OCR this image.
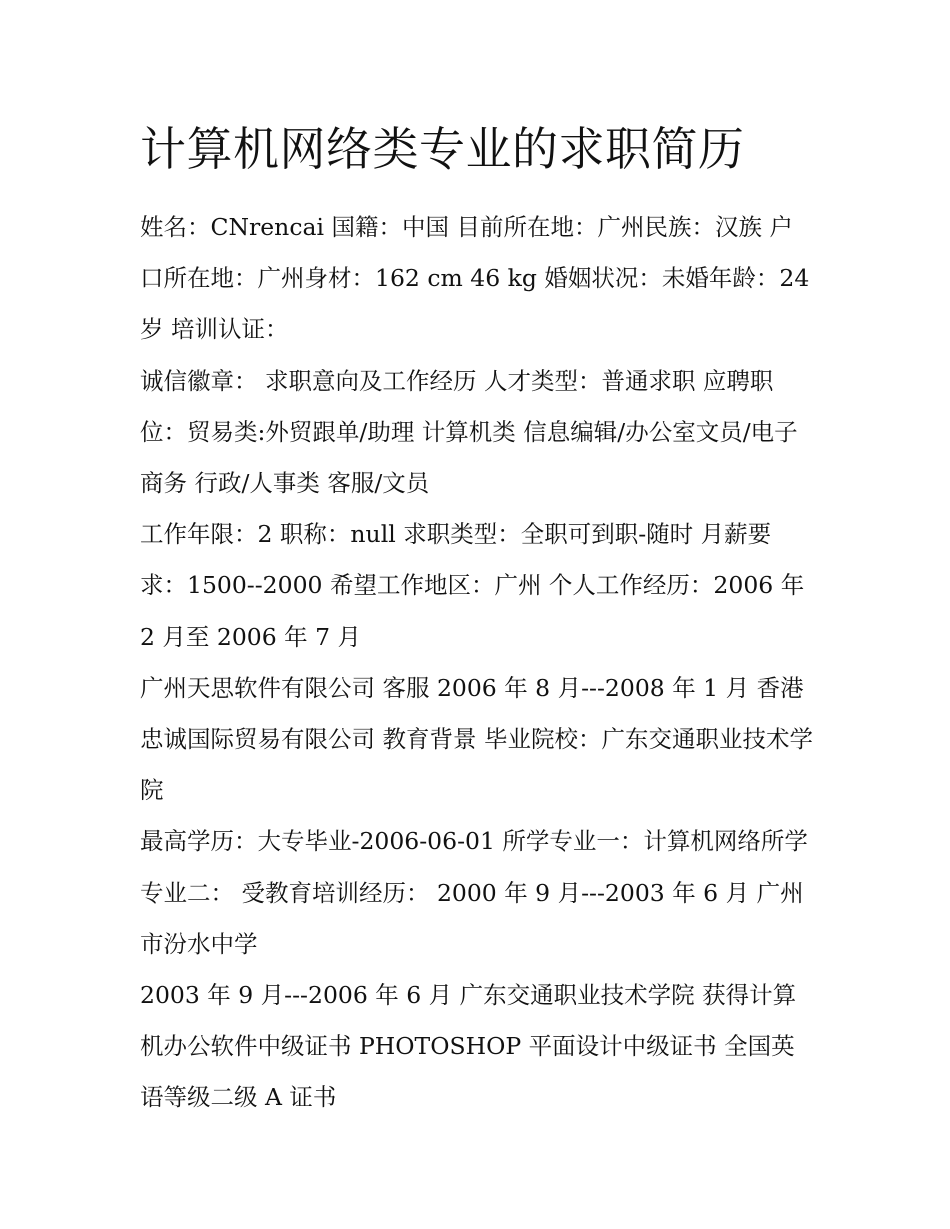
计算机网络类专业的求职简历

姓名：CNrencai 国籍：中国 目前所在地：广州民族：汉族 户口所在地：广州身材：162 cm 46 kg 婚姻状况：未婚年龄：24 岁 培训认证：

诚信徽章： 求职意向及工作经历 人才类型：普通求职 应聘职位：贸易类:外贸跟单/助理 计算机类 信息编辑/办公室文员/电子商务 行政/人事类 客服/文员

工作年限：2 职称：null 求职类型：全职可到职-随时 月薪要求：1500--2000 希望工作地区：广州 个人工作经历：2006 年 2 月至 2006 年 7 月

广州天思软件有限公司 客服 2006 年 8 月---2008 年 1 月 香港忠诚国际贸易有限公司 教育背景 毕业院校：广东交通职业技术学院

最高学历：大专毕业-2006-06-01 所学专业一：计算机网络所学专业二： 受教育培训经历： 2000 年 9 月---2003 年 6 月 广州市汾水中学

2003 年 9 月---2006 年 6 月 广东交通职业技术学院 获得计算机办公软件中级证书 PHOTOSHOP 平面设计中级证书 全国英语等级二级 A 证书
